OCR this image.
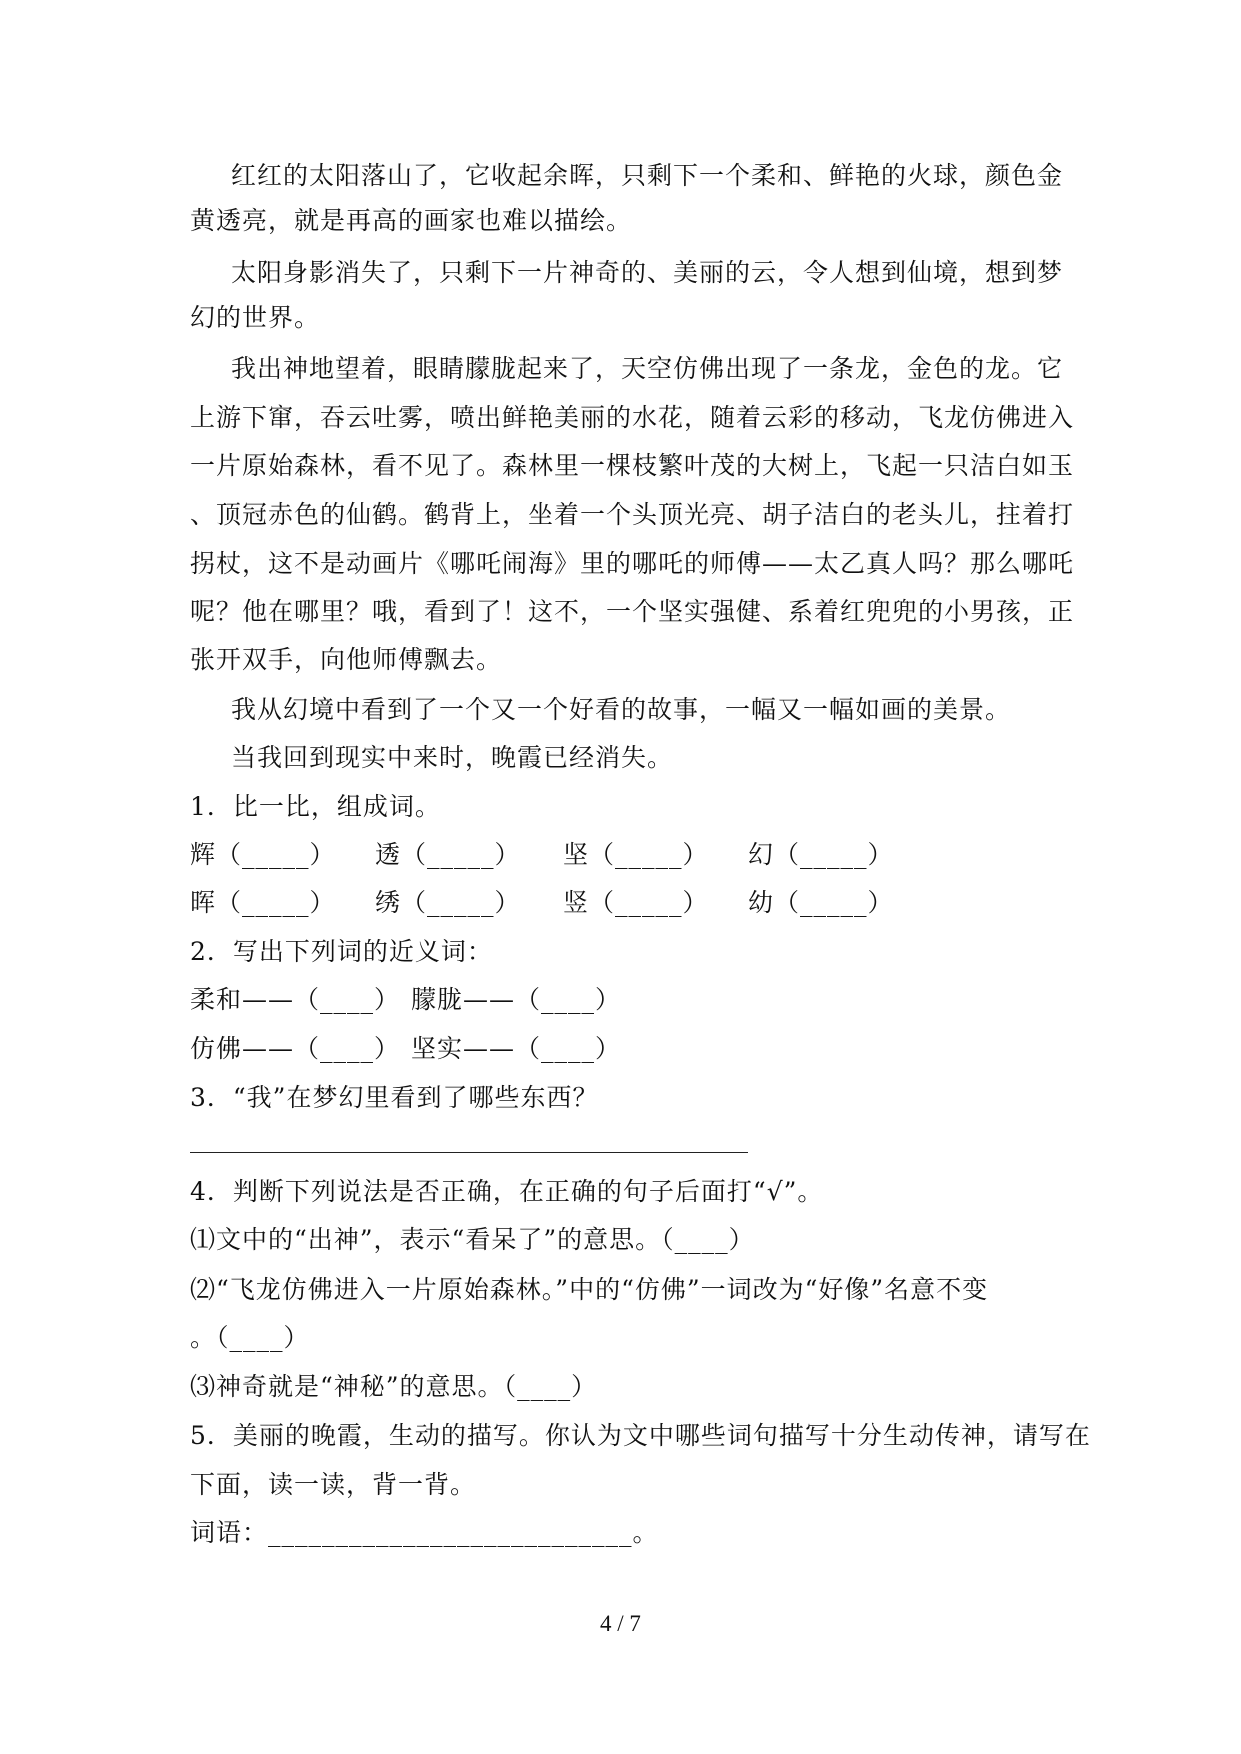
红红的太阳落山了，它收起余晖，只剩下一个柔和、鲜艳的火球，颜色金
黄透亮，就是再高的画家也难以描绘。
太阳身影消失了，只剩下一片神奇的、美丽的云，令人想到仙境，想到梦
幻的世界。
我出神地望着，眼睛朦胧起来了，天空仿佛出现了一条龙，金色的龙。它
上游下窜，吞云吐雾，喷出鲜艳美丽的水花，随着云彩的移动，飞龙仿佛进入
一片原始森林，看不见了。森林里一棵枝繁叶茂的大树上，飞起一只洁白如玉
、顶冠赤色的仙鹤。鹤背上，坐着一个头顶光亮、胡子洁白的老头儿，拄着打
拐杖，这不是动画片《哪吒闹海》里的哪吒的师傅——太乙真人吗？那么哪吒
呢？他在哪里？哦，看到了！这不，一个坚实强健、系着红兜兜的小男孩，正
张开双手，向他师傅飘去。
我从幻境中看到了一个又一个好看的故事，一幅又一幅如画的美景。
当我回到现实中来时，晚霞已经消失。
1．比一比，组成词。
辉（_____） 透（_____） 坚（_____） 幻（_____）
晖（_____） 绣（_____） 竖（_____） 幼（_____）
2．写出下列词的近义词：
柔和——（____） 朦胧——（____）
仿佛——（____） 坚实——（____）
3．“我”在梦幻里看到了哪些东西？
4．判断下列说法是否正确，在正确的句子后面打“√”。
⑴文中的“出神”，表示“看呆了”的意思。（____）
⑵“飞龙仿佛进入一片原始森林。”中的“仿佛”一词改为“好像”名意不变
。（____）
⑶神奇就是“神秘”的意思。（____）
5．美丽的晚霞，生动的描写。你认为文中哪些词句描写十分生动传神，请写在
下面，读一读，背一背。
词语：___________________________。
4 / 7
